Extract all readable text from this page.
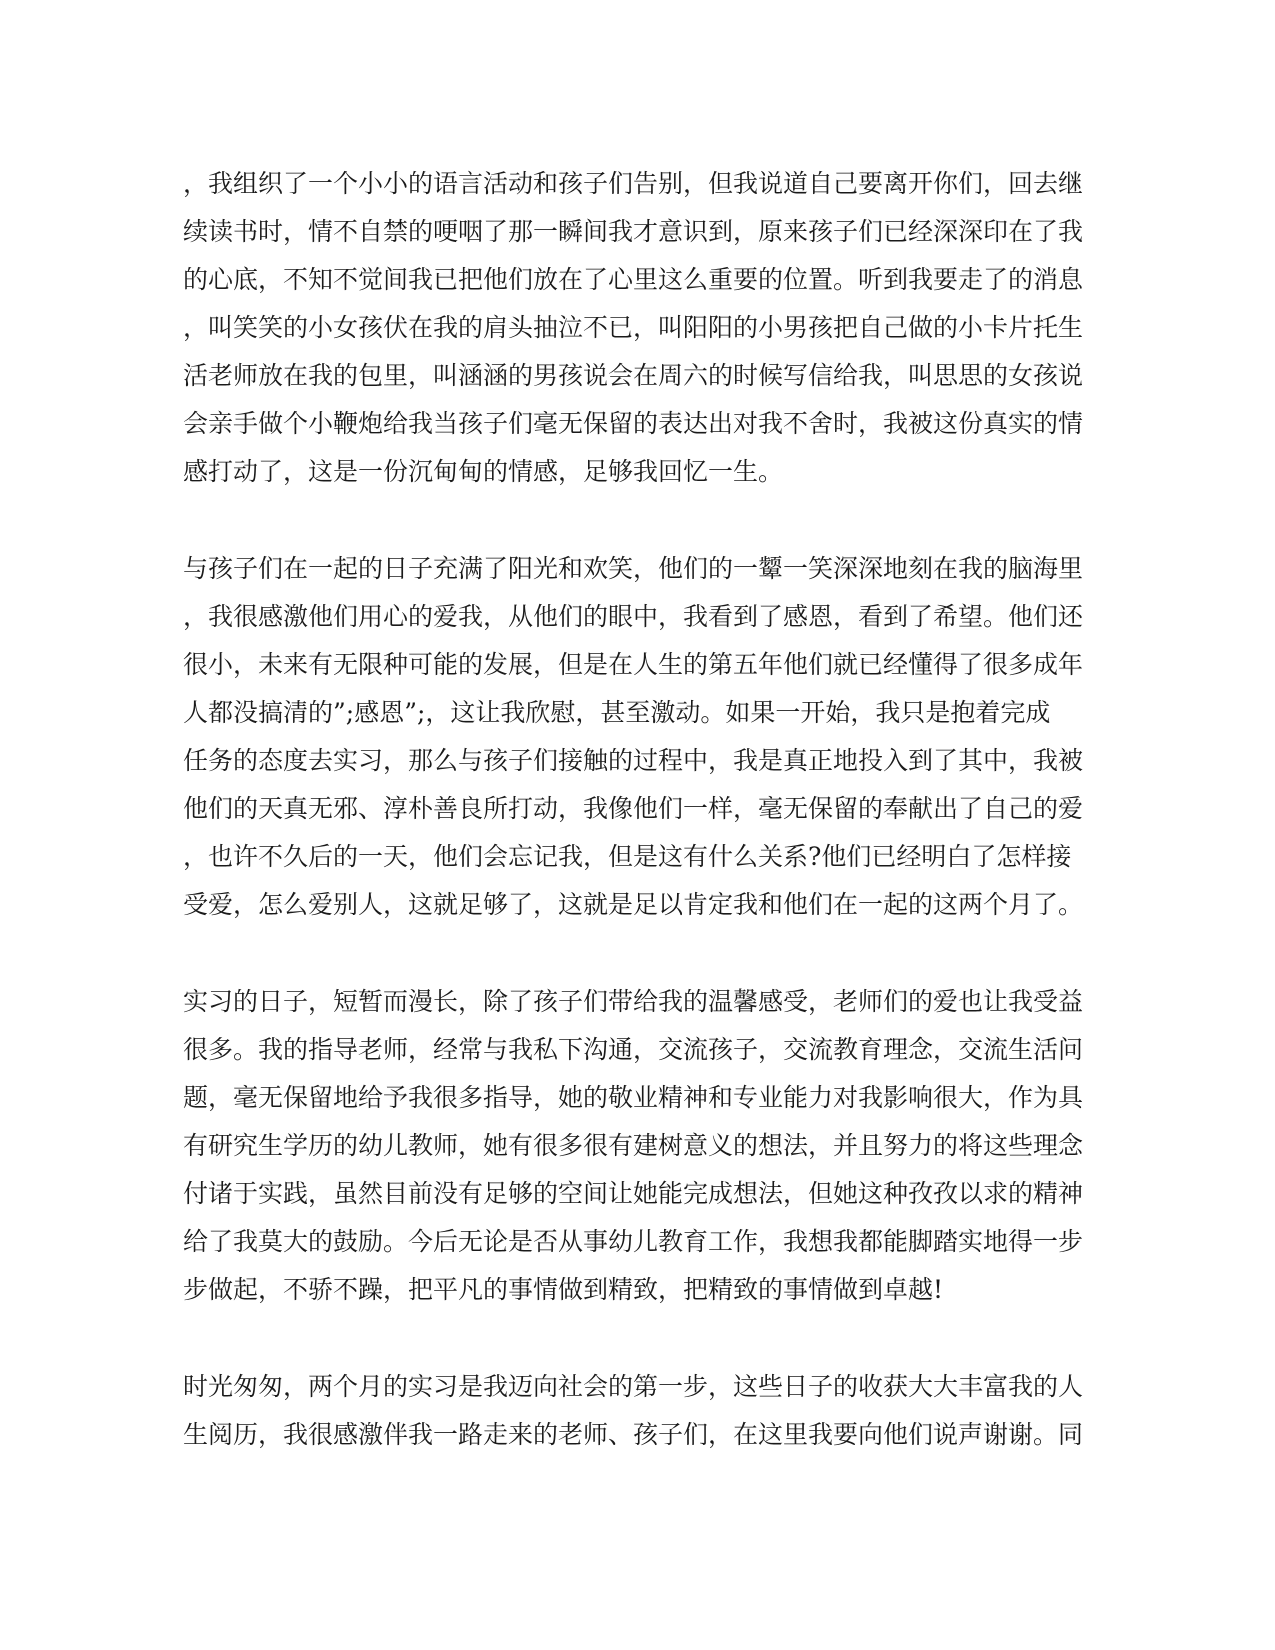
，我组织了一个小小的语言活动和孩子们告别，但我说道自己要离开你们，回去继
续读书时，情不自禁的哽咽了那一瞬间我才意识到，原来孩子们已经深深印在了我
的心底，不知不觉间我已把他们放在了心里这么重要的位置。听到我要走了的消息
，叫笑笑的小女孩伏在我的肩头抽泣不已，叫阳阳的小男孩把自己做的小卡片托生
活老师放在我的包里，叫涵涵的男孩说会在周六的时候写信给我，叫思思的女孩说
会亲手做个小鞭炮给我当孩子们毫无保留的表达出对我不舍时，我被这份真实的情
感打动了，这是一份沉甸甸的情感，足够我回忆一生。
与孩子们在一起的日子充满了阳光和欢笑，他们的一颦一笑深深地刻在我的脑海里
，我很感激他们用心的爱我，从他们的眼中，我看到了感恩，看到了希望。他们还
很小，未来有无限种可能的发展，但是在人生的第五年他们就已经懂得了很多成年
人都没搞清的”;感恩”;，这让我欣慰，甚至激动。如果一开始，我只是抱着完成
任务的态度去实习，那么与孩子们接触的过程中，我是真正地投入到了其中，我被
他们的天真无邪、淳朴善良所打动，我像他们一样，毫无保留的奉献出了自己的爱
，也许不久后的一天，他们会忘记我，但是这有什么关系?他们已经明白了怎样接
受爱，怎么爱别人，这就足够了，这就是足以肯定我和他们在一起的这两个月了。
实习的日子，短暂而漫长，除了孩子们带给我的温馨感受，老师们的爱也让我受益
很多。我的指导老师，经常与我私下沟通，交流孩子，交流教育理念，交流生活问
题，毫无保留地给予我很多指导，她的敬业精神和专业能力对我影响很大，作为具
有研究生学历的幼儿教师，她有很多很有建树意义的想法，并且努力的将这些理念
付诸于实践，虽然目前没有足够的空间让她能完成想法，但她这种孜孜以求的精神
给了我莫大的鼓励。今后无论是否从事幼儿教育工作，我想我都能脚踏实地得一步
步做起，不骄不躁，把平凡的事情做到精致，把精致的事情做到卓越!
时光匆匆，两个月的实习是我迈向社会的第一步，这些日子的收获大大丰富我的人
生阅历，我很感激伴我一路走来的老师、孩子们，在这里我要向他们说声谢谢。同
